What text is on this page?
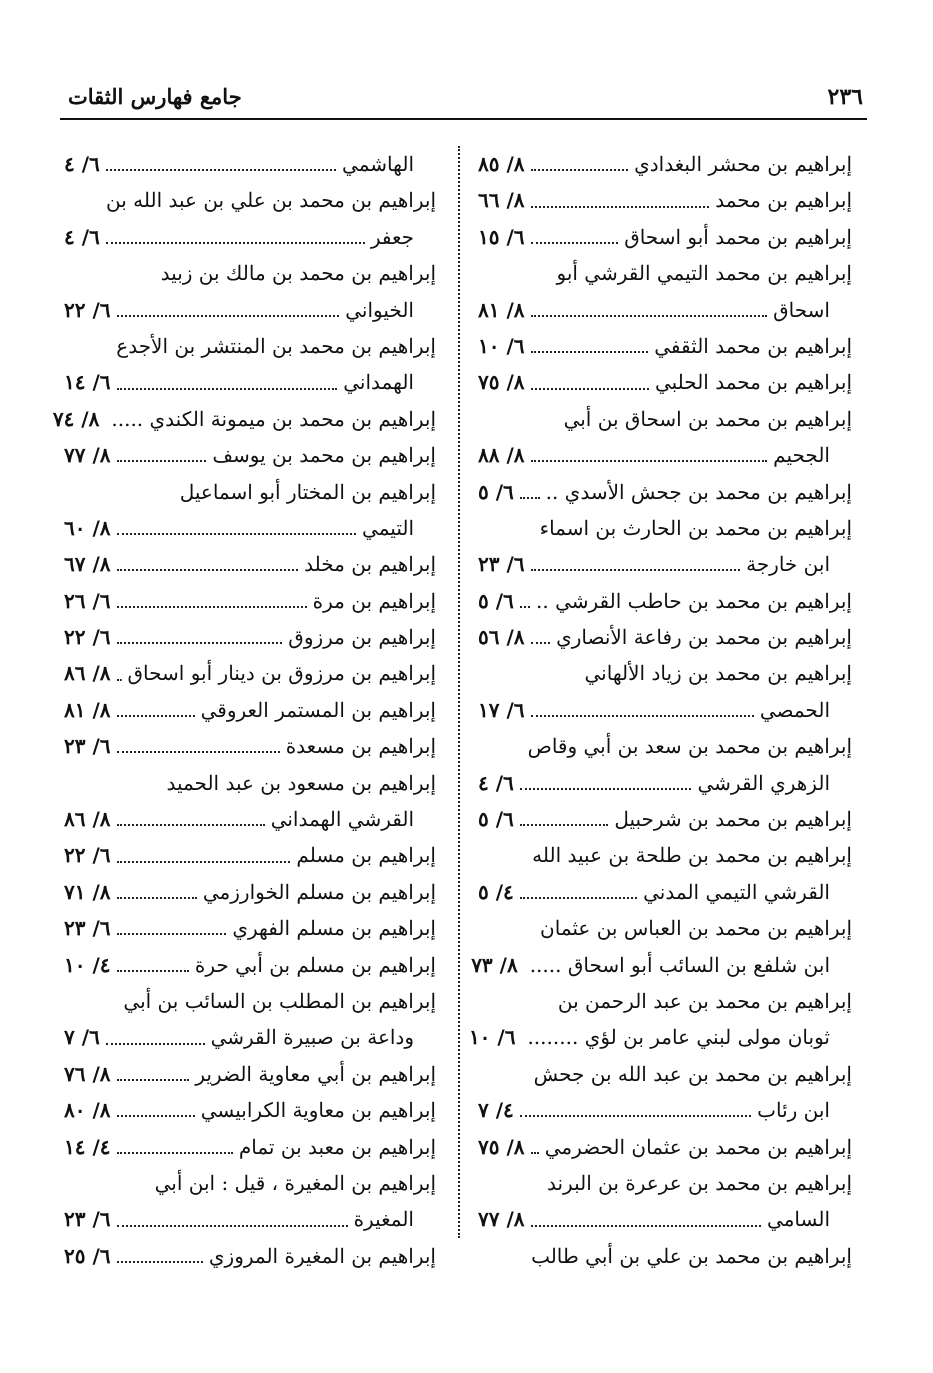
٢٣٦
جامع فهارس الثقات
إبراهيم بن محشر البغدادي
٨/ ٨٥
إبراهيم بن محمد
٨/ ٦٦
إبراهيم بن محمد أبو اسحاق
٦/ ١٥
إبراهيم بن محمد التيمي القرشي أبو
اسحاق
٨/ ٨١
إبراهيم بن محمد الثقفي
٦/ ١٠
إبراهيم بن محمد الحلبي
٨/ ٧٥
إبراهيم بن محمد بن اسحاق بن أبي
الجحيم
٨/ ٨٨
إبراهيم بن محمد بن جحش الأسدي ..
٦/ ٥
إبراهيم بن محمد بن الحارث بن اسماء
ابن خارجة
٦/ ٢٣
إبراهيم بن محمد بن حاطب القرشي ..
٦/ ٥
إبراهيم بن محمد بن رفاعة الأنصاري
٨/ ٥٦
إبراهيم بن محمد بن زياد الألهاني
الحمصي
٦/ ١٧
إبراهيم بن محمد بن سعد بن أبي وقاص
الزهري القرشي
٦/ ٤
إبراهيم بن محمد بن شرحبيل
٦/ ٥
إبراهيم بن محمد بن طلحة بن عبيد الله
القرشي التيمي المدني
٤/ ٥
إبراهيم بن محمد بن العباس بن عثمان
ابن شلفع بن السائب أبو اسحاق .....
٨/ ٧٣
إبراهيم بن محمد بن عبد الرحمن بن
ثوبان مولى لبني عامر بن لؤي ........
٦/ ١٠
إبراهيم بن محمد بن عبد الله بن جحش
ابن رئاب
٤/ ٧
إبراهيم بن محمد بن عثمان الحضرمي
٨/ ٧٥
إبراهيم بن محمد بن عرعرة بن البرند
السامي
٨/ ٧٧
إبراهيم بن محمد بن علي بن أبي طالب
الهاشمي
٦/ ٤
إبراهيم بن محمد بن علي بن عبد الله بن
جعفر
٦/ ٤
إبراهيم بن محمد بن مالك بن زبيد
الخيواني
٦/ ٢٢
إبراهيم بن محمد بن المنتشر بن الأجدع
الهمداني
٦/ ١٤
إبراهيم بن محمد بن ميمونة الكندي .....
٨/ ٧٤
إبراهيم بن محمد بن يوسف
٨/ ٧٧
إبراهيم بن المختار أبو اسماعيل
التيمي
٨/ ٦٠
إبراهيم بن مخلد
٨/ ٦٧
إبراهيم بن مرة
٦/ ٢٦
إبراهيم بن مرزوق
٦/ ٢٢
إبراهيم بن مرزوق بن دينار أبو اسحاق
٨/ ٨٦
إبراهيم بن المستمر العروقي
٨/ ٨١
إبراهيم بن مسعدة
٦/ ٢٣
إبراهيم بن مسعود بن عبد الحميد
القرشي الهمداني
٨/ ٨٦
إبراهيم بن مسلم
٦/ ٢٢
إبراهيم بن مسلم الخوارزمي
٨/ ٧١
إبراهيم بن مسلم الفهري
٦/ ٢٣
إبراهيم بن مسلم بن أبي حرة
٤/ ١٠
إبراهيم بن المطلب بن السائب بن أبي
وداعة بن صبيرة القرشي
٦/ ٧
إبراهيم بن أبي معاوية الضرير
٨/ ٧٦
إبراهيم بن معاوية الكرابيسي
٨/ ٨٠
إبراهيم بن معبد بن تمام
٤/ ١٤
إبراهيم بن المغيرة ، قيل : ابن أبي
المغيرة
٦/ ٢٣
إبراهيم بن المغيرة المروزي
٦/ ٢٥
